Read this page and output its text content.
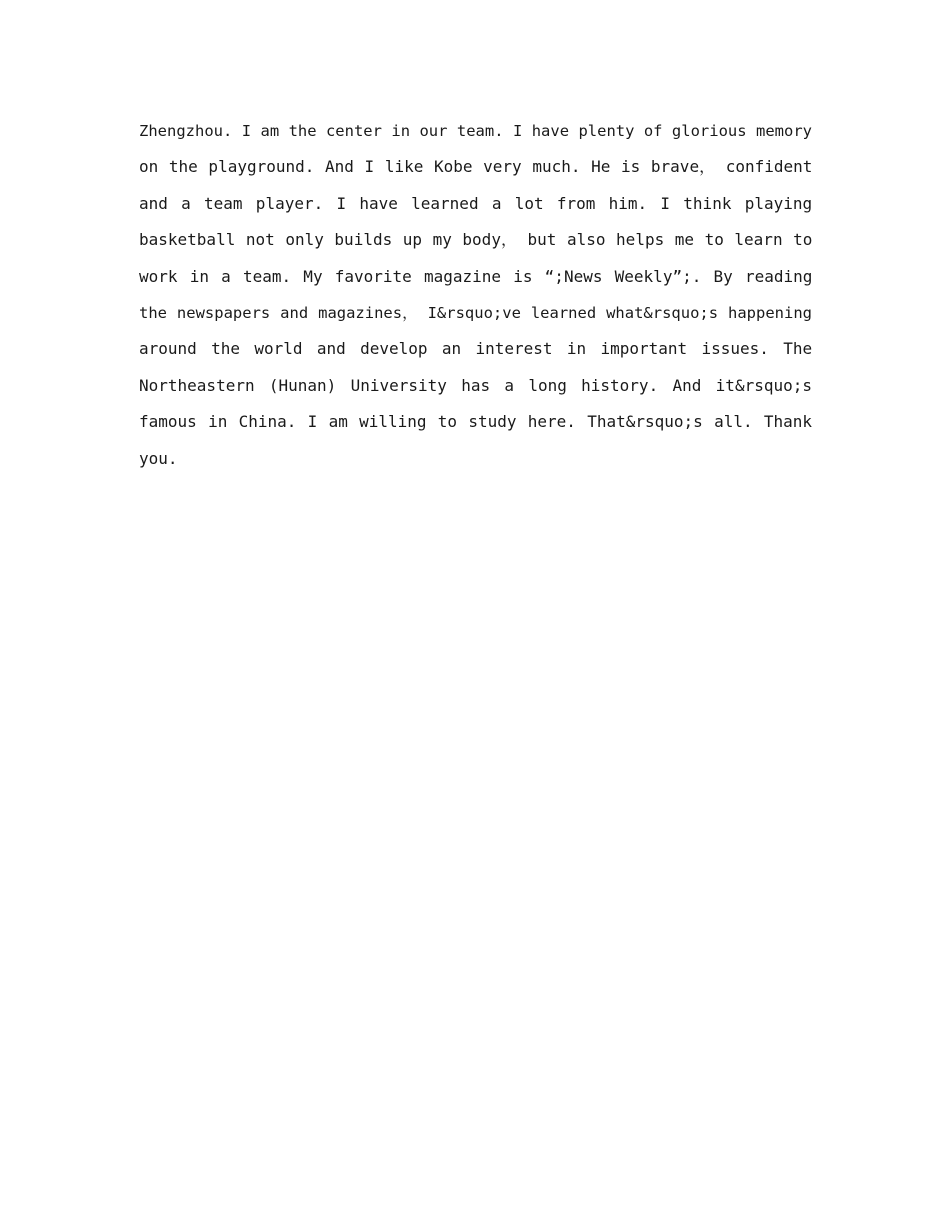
Zhengzhou. I am the center in our team. I have plenty of glorious memory
on the playground. And I like Kobe very much. He is brave， confident
and a team player. I have learned a lot from him. I think playing
basketball not only builds up my body， but also helps me to learn to
work in a team. My favorite magazine is “;News Weekly”;. By reading
the newspapers and magazines， I&rsquo;ve learned what&rsquo;s happening
around the world and develop an interest in important issues. The
Northeastern (Hunan) University has a long history. And it&rsquo;s
famous in China. I am willing to study here. That&rsquo;s all. Thank
you.
